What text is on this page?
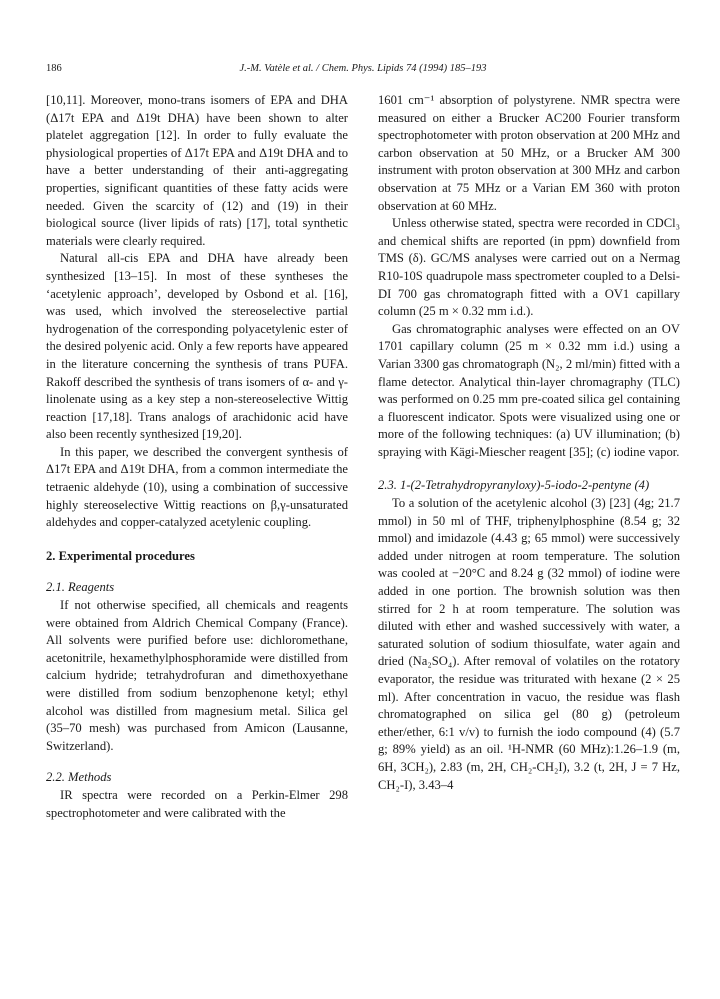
186	J.-M. Vatèle et al. / Chem. Phys. Lipids 74 (1994) 185–193

[10,11]. Moreover, mono-trans isomers of EPA and DHA (Δ17t EPA and Δ19t DHA) have been shown to alter platelet aggregation [12]. In order to fully evaluate the physiological properties of Δ17t EPA and Δ19t DHA and to have a better understanding of their anti-aggregating properties, significant quantities of these fatty acids were needed. Given the scarcity of (12) and (19) in their biological source (liver lipids of rats) [17], total synthetic materials were clearly required.

Natural all-cis EPA and DHA have already been synthesized [13–15]. In most of these syntheses the ‘acetylenic approach’, developed by Osbond et al. [16], was used, which involved the stereoselective partial hydrogenation of the corresponding polyacetylenic ester of the desired polyenic acid. Only a few reports have appeared in the literature concerning the synthesis of trans PUFA. Rakoff described the synthesis of trans isomers of α- and γ-linolenate using as a key step a non-stereoselective Wittig reaction [17,18]. Trans analogs of arachidonic acid have also been recently synthesized [19,20].

In this paper, we described the convergent synthesis of Δ17t EPA and Δ19t DHA, from a common intermediate the tetraenic aldehyde (10), using a combination of successive highly stereoselective Wittig reactions on β,γ-unsaturated aldehydes and copper-catalyzed acetylenic coupling.

2. Experimental procedures

2.1. Reagents

If not otherwise specified, all chemicals and reagents were obtained from Aldrich Chemical Company (France). All solvents were purified before use: dichloromethane, acetonitrile, hexamethylphosphoramide were distilled from calcium hydride; tetrahydrofuran and dimethoxyethane were distilled from sodium benzophenone ketyl; ethyl alcohol was distilled from magnesium metal. Silica gel (35–70 mesh) was purchased from Amicon (Lausanne, Switzerland).

2.2. Methods

IR spectra were recorded on a Perkin-Elmer 298 spectrophotometer and were calibrated with the

1601 cm⁻¹ absorption of polystyrene. NMR spectra were measured on either a Brucker AC200 Fourier transform spectrophotometer with proton observation at 200 MHz and carbon observation at 50 MHz, or a Brucker AM 300 instrument with proton observation at 300 MHz and carbon observation at 75 MHz or a Varian EM 360 with proton observation at 60 MHz.

Unless otherwise stated, spectra were recorded in CDCl₃ and chemical shifts are reported (in ppm) downfield from TMS (δ). GC/MS analyses were carried out on a Nermag R10-10S quadrupole mass spectrometer coupled to a Delsi-DI 700 gas chromatograph fitted with a OV1 capillary column (25 m × 0.32 mm i.d.).

Gas chromatographic analyses were effected on an OV 1701 capillary column (25 m × 0.32 mm i.d.) using a Varian 3300 gas chromatograph (N₂, 2 ml/min) fitted with a flame detector. Analytical thin-layer chromagraphy (TLC) was performed on 0.25 mm pre-coated silica gel containing a fluorescent indicator. Spots were visualized using one or more of the following techniques: (a) UV illumination; (b) spraying with Kägi-Miescher reagent [35]; (c) iodine vapor.

2.3. 1-(2-Tetrahydropyranyloxy)-5-iodo-2-pentyne (4)

To a solution of the acetylenic alcohol (3) [23] (4g; 21.7 mmol) in 50 ml of THF, triphenylphosphine (8.54 g; 32 mmol) and imidazole (4.43 g; 65 mmol) were successively added under nitrogen at room temperature. The solution was cooled at −20°C and 8.24 g (32 mmol) of iodine were added in one portion. The brownish solution was then stirred for 2 h at room temperature. The solution was diluted with ether and washed successively with water, a saturated solution of sodium thiosulfate, water again and dried (Na₂SO₄). After removal of volatiles on the rotatory evaporator, the residue was triturated with hexane (2 × 25 ml). After concentration in vacuo, the residue was flash chromatographed on silica gel (80 g) (petroleum ether/ether, 6:1 v/v) to furnish the iodo compound (4) (5.7 g; 89% yield) as an oil. ¹H-NMR (60 MHz):1.26–1.9 (m, 6H, 3CH₂), 2.83 (m, 2H, CH₂-CH₂I), 3.2 (t, 2H, J = 7 Hz, CH₂-I), 3.43–4
